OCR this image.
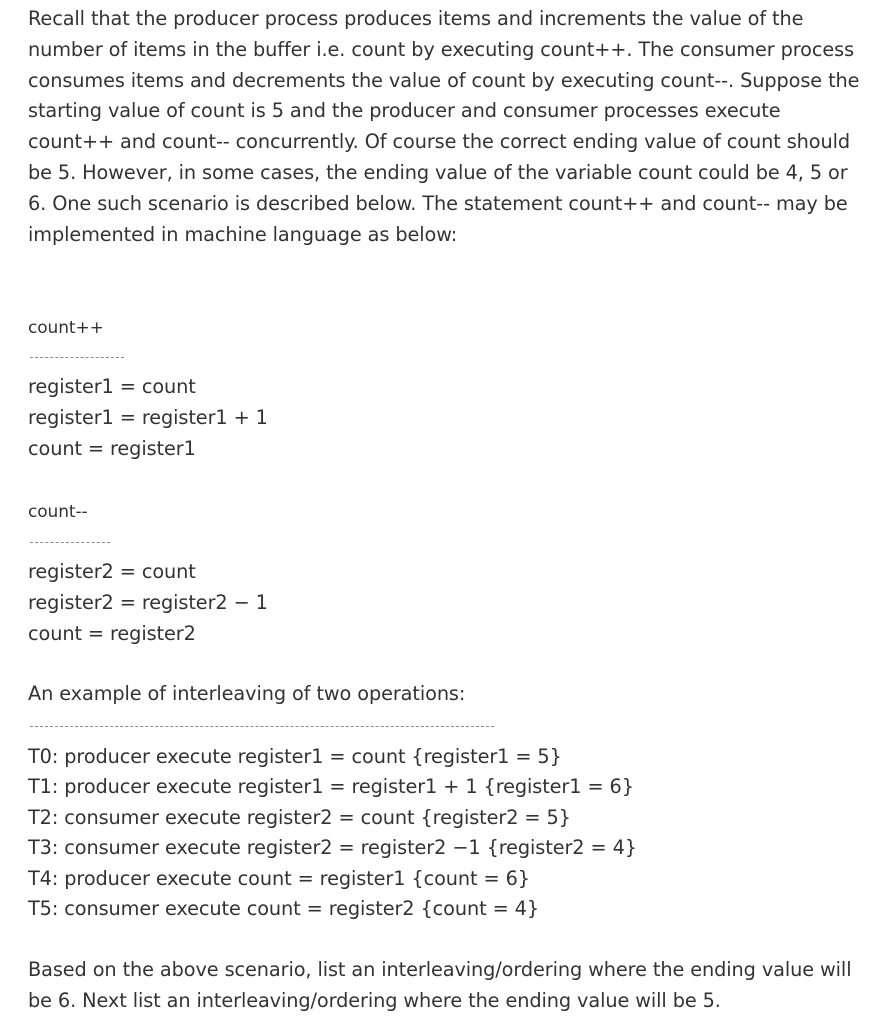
Recall that the producer process produces items and increments the value of the number of items in the buffer i.e. count by executing count++. The consumer process consumes items and decrements the value of count by executing count--. Suppose the starting value of count is 5 and the producer and consumer processes execute count++ and count-- concurrently. Of course the correct ending value of count should be 5. However, in some cases, the ending value of the variable count could be 4, 5 or 6. One such scenario is described below. The statement count++ and count-- may be implemented in machine language as below:

count++

register1 = count

register1 = register1 + 1

count = register1

count--

register2 = count

register2 = register2 − 1

count = register2

An example of interleaving of two operations:

T0: producer execute register1 = count {register1 = 5}

T1: producer execute register1 = register1 + 1 {register1 = 6}

T2: consumer execute register2 = count {register2 = 5}

T3: consumer execute register2 = register2 −1 {register2 = 4}

T4: producer execute count = register1 {count = 6}

T5: consumer execute count = register2 {count = 4}

Based on the above scenario, list an interleaving/ordering where the ending value will be 6. Next list an interleaving/ordering where the ending value will be 5.
